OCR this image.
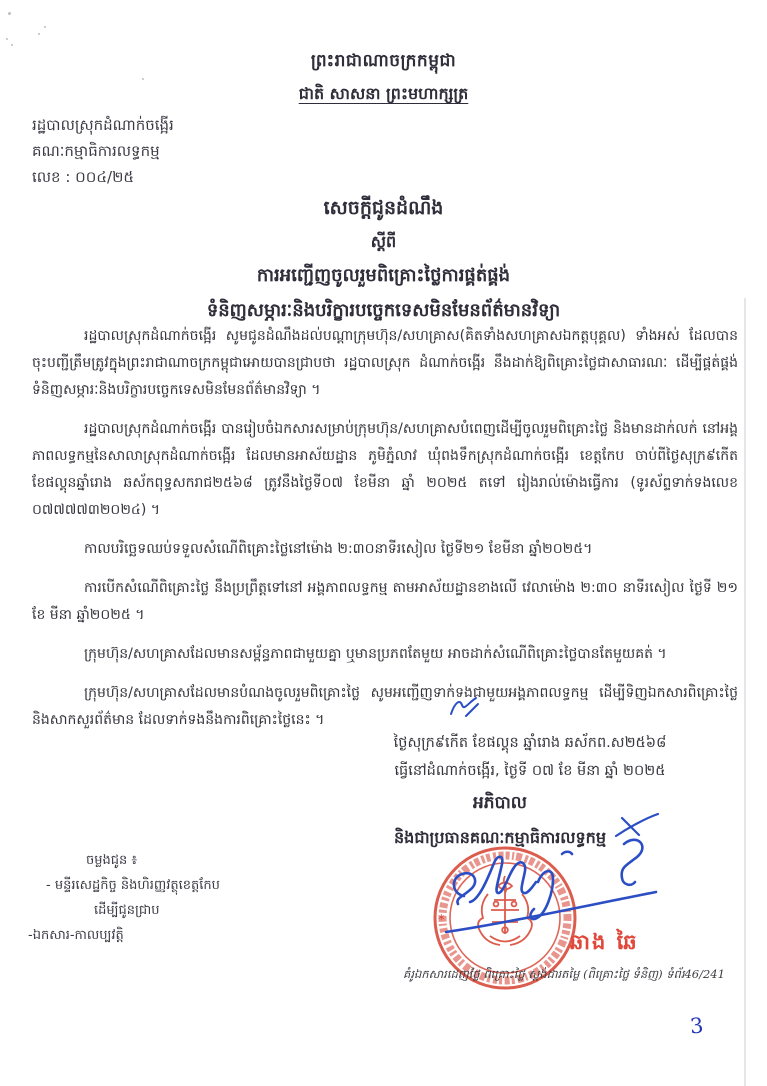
ព្រះរាជាណាចក្រកម្ពុជា
ជាតិ សាសនា ព្រះមហាក្សត្រ
រដ្ឋបាលស្រុកដំណាក់ចង្អើរ
គណៈកម្មាធិការលទ្ធកម្ម
លេខ : ០០៤/២៥
សេចក្តីជូនដំណឹង
ស្តីពី
ការអញ្ជើញចូលរួមពិគ្រោះថ្លៃការផ្គត់ផ្គង់
ទំនិញសម្ភារៈនិងបរិក្ខារបច្ចេកទេសមិនមែនព័ត៌មានវិទ្យា

រដ្ឋបាលស្រុកដំណាក់ចង្អើរ សូមជូនដំណឹងដល់បណ្តាក្រុមហ៊ុន/សហគ្រាស(គិតទាំងសហគ្រាសឯកត្តបុគ្គល) ទាំងអស់ ដែលបានចុះបញ្ជីត្រឹមត្រូវក្នុងព្រះរាជាណាចក្រកម្ពុជាអោយបានជ្រាបថា រដ្ឋបាលស្រុក ដំណាក់ចង្អើរ នឹងដាក់ឱ្យពិគ្រោះថ្លៃជាសាធារណៈ ដើម្បីផ្គត់ផ្គង់ ទំនិញសម្ភារៈនិងបរិក្ខារបច្ចេកទេសមិនមែនព័ត៌មានវិទ្យា ។

រដ្ឋបាលស្រុកដំណាក់ចង្អើរ បានរៀបចំឯកសារសម្រាប់ក្រុមហ៊ុន/សហគ្រាសបំពេញដើម្បីចូលរួមពិគ្រោះថ្លៃ និងមានដាក់លក់ នៅអង្គភាពលទ្ធកម្មនៃសាលាស្រុកដំណាក់ចង្អើរ ដែលមានអាស័យដ្ឋាន ភូមិភ្នំលាវ ឃុំពងទឹកស្រុកដំណាក់ចង្អើរ ខេត្តកែប ចាប់ពីថ្ងៃសុក្រ៩កើត ខែផល្គុនឆ្នាំរោង ឆស័កពុទ្ធសករាជ២៥៦៨ ត្រូវនឹងថ្ងៃទី០៧ ខែមីនា ឆ្នាំ ២០២៥ តទៅ រៀងរាល់ម៉ោងធ្វើការ (ទូរស័ព្ទទាក់ទងលេខ ០៧៧៧៧៣២០២៤) ។

កាលបរិច្ឆេទឈប់ទទួលសំណើពិគ្រោះថ្លៃនៅម៉ោង ២:៣០នាទីរសៀល ថ្ងៃទី២១ ខែមីនា ឆ្នាំ២០២៥។

ការបើកសំណើពិគ្រោះថ្លៃ នឹងប្រព្រឹត្តទៅនៅ អង្គភាពលទ្ធកម្ម តាមអាស័យដ្ឋានខាងលើ វេលាម៉ោង ២:៣០ នាទីរសៀល ថ្ងៃទី ២១ ខែ មីនា ឆ្នាំ២០២៥ ។

ក្រុមហ៊ុន/សហគ្រាសដែលមានសម្ព័ន្ធភាពជាមួយគ្នា ឬមានប្រភពតែមួយ អាចដាក់សំណើពិគ្រោះថ្លៃបានតែមួយគត់ ។

ក្រុមហ៊ុន/សហគ្រាសដែលមានបំណងចូលរួមពិគ្រោះថ្លៃ សូមអញ្ជើញទាក់ទងជាមួយអង្គភាពលទ្ធកម្ម ដើម្បីទិញឯកសារពិគ្រោះថ្លៃ និងសាកសួរព័ត៌មាន ដែលទាក់ទងនឹងការពិគ្រោះថ្លៃនេះ ។

ថ្ងៃសុក្រ៩កើត ខែផល្គុន ឆ្នាំរោង ឆស័កព.ស២៥៦៨
ធ្វើនៅដំណាក់ចង្អើរ, ថ្ងៃទី ០៧ ខែ មីនា ឆ្នាំ ២០២៥
អភិបាល
និងជាប្រធានគណៈកម្មាធិការលទ្ធកម្ម
*
ឆាង ឆៃ
គំរូឯកសារដេញថ្លៃ ពិគ្រោះថ្លៃ ស្តង់ដារតម្លៃ (ពិគ្រោះថ្លៃ ទំនិញ) ទំព័រ46/241
ចម្លងជូន ៖
- មន្ទីរសេដ្ឋកិច្ច និងហិរញ្ញវត្ថុខេត្តកែប
ដើម្បីជូនជ្រាប
-ឯកសារ-កាលប្បវត្តិ
3
